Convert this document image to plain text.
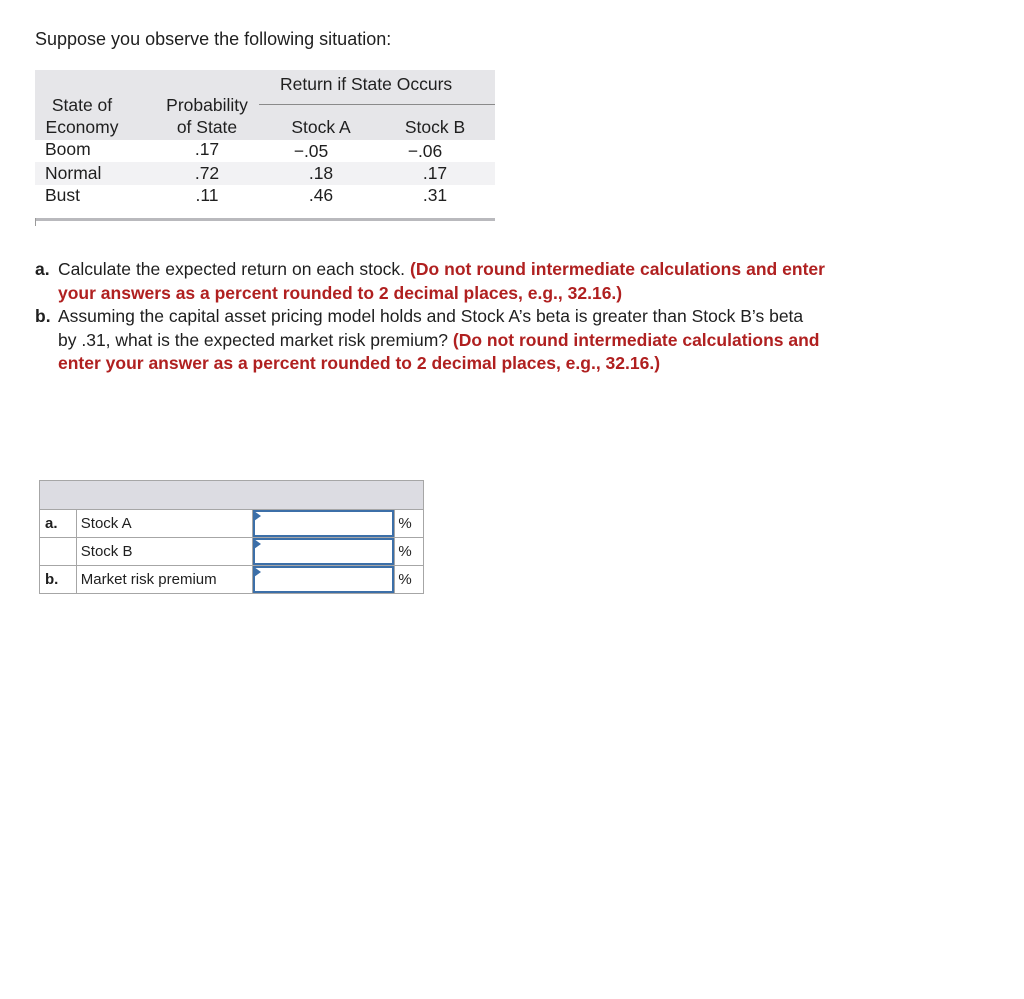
Suppose you observe the following situation:

Return if State Occurs
State of
Economy
Probability
of State	Stock A	Stock B
Boom	.17	−.05	−.06
Normal	.72	.18	.17
Bust	.11	.46	.31

a. Calculate the expected return on each stock. (Do not round intermediate calculations and enter your answers as a percent rounded to 2 decimal places, e.g., 32.16.)

b. Assuming the capital asset pricing model holds and Stock A’s beta is greater than Stock B’s beta by .31, what is the expected market risk premium? (Do not round intermediate calculations and enter your answer as a percent rounded to 2 decimal places, e.g., 32.16.)

a.	Stock A		%
	Stock B		%
b.	Market risk premium		%
